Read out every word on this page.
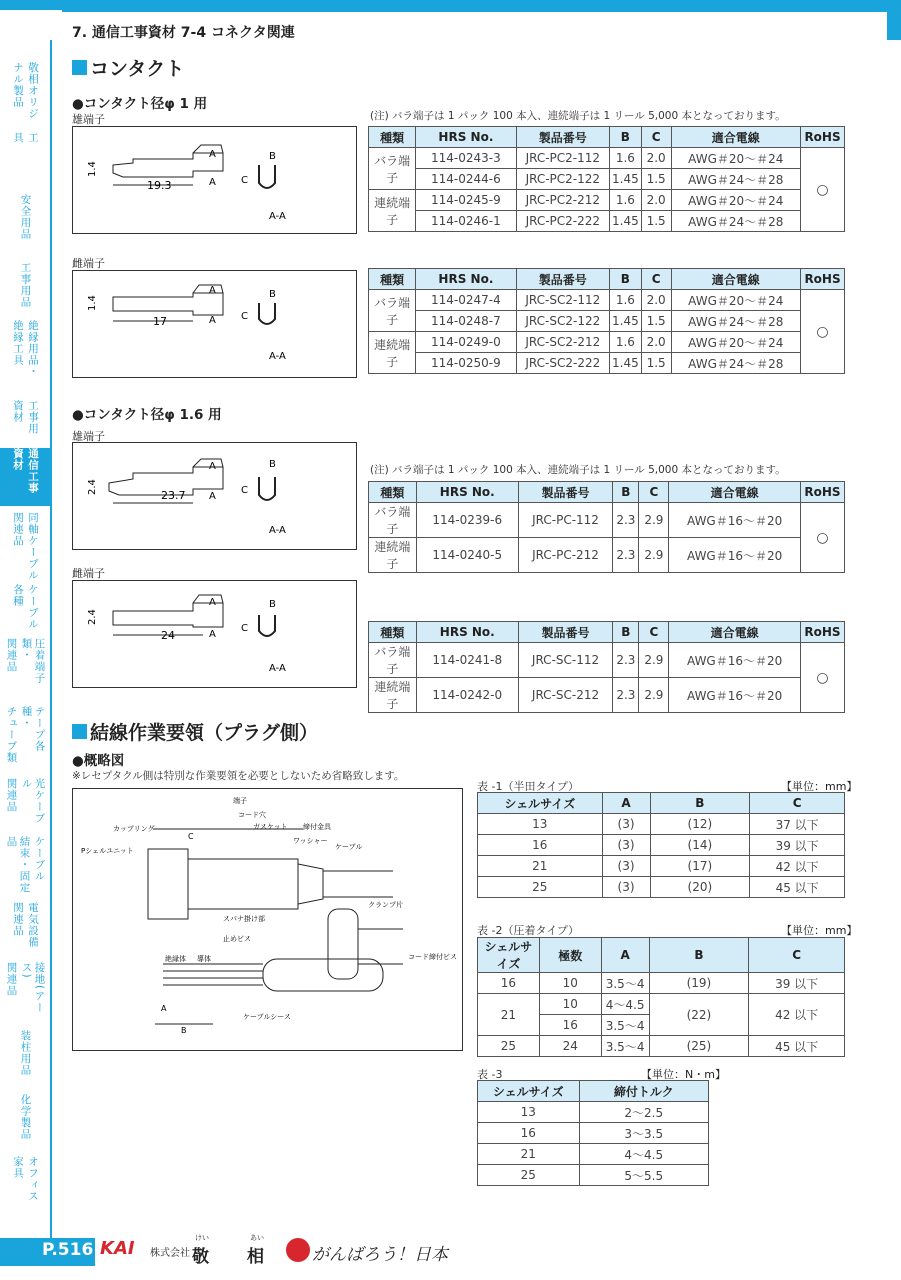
7. 通信工事資材 7-4 コネクタ関連
敬相オリジ
ナル製品
工
具
安全用品
工事用品
絶縁用品・
絶縁工具
工事用
資材
通信工事
資材
同軸ケーブル
関連品
ケーブル
各種
圧着端子類・
関連品
テープ各種・
チューブ類
光ケーブル
関連品
ケーブル
結束・固定品
電気設備
関連品
接地(アース)
関連品
装柱用品
化学製品
オフィス
家具
コンタクト
●コンタクト径φ 1 用
雄端子	(注) バラ端子は 1 パック 100 本入、連続端子は 1 リール 5,000 本となっております。
19.3
1.4
A
A
B
C
A-A
雌端子
17
1.4
A
A
B
C
A-A
種類	HRS No.	製品番号	B	C	適合電線	RoHS
バラ端子	114-0243-3	JRC-PC2-112	1.6	2.0	AWG＃20～＃24	○
	114-0244-6	JRC-PC2-122	1.45	1.5	AWG＃24～＃28	
連続端子	114-0245-9	JRC-PC2-212	1.6	2.0	AWG＃20～＃24	
	114-0246-1	JRC-PC2-222	1.45	1.5	AWG＃24～＃28	
種類	HRS No.	製品番号	B	C	適合電線	RoHS
バラ端子	114-0247-4	JRC-SC2-112	1.6	2.0	AWG＃20～＃24	○
	114-0248-7	JRC-SC2-122	1.45	1.5	AWG＃24～＃28	
連続端子	114-0249-0	JRC-SC2-212	1.6	2.0	AWG＃20～＃24	
	114-0250-9	JRC-SC2-222	1.45	1.5	AWG＃24～＃28	
●コンタクト径φ 1.6 用
雄端子
(注) バラ端子は 1 パック 100 本入、連続端子は 1 リール 5,000 本となっております。
23.7
2.4
A
A
B
C
A-A
雌端子
24
2.4
A
A
B
C
A-A
種類	HRS No.	製品番号	B	C	適合電線	RoHS
バラ端子	114-0239-6	JRC-PC-112	2.3	2.9	AWG＃16～＃20	○
連続端子	114-0240-5	JRC-PC-212	2.3	2.9	AWG＃16～＃20	
種類	HRS No.	製品番号	B	C	適合電線	RoHS
バラ端子	114-0241-8	JRC-SC-112	2.3	2.9	AWG＃16～＃20	○
連続端子	114-0242-0	JRC-SC-212	2.3	2.9	AWG＃16～＃20	
結線作業要領（プラグ側）
●概略図
※レセプタクル側は特別な作業要領を必要としないため省略致します。
端子
カップリング
コード穴
ガスケット 締付金具
ワッシャー
ケーブル
Pシェルユニット
スパナ掛け部
止めビス
クランプ片
コード締付ビス
絶縁体 導体
ケーブルシース
A
B
C
表 -1（半田タイプ）	【単位：mm】
シェルサイズ	A	B	C
13	(3)	(12)	37 以下
16	(3)	(14)	39 以下
21	(3)	(17)	42 以下
25	(3)	(20)	45 以下
表 -2（圧着タイプ）	【単位：mm】
シェルサイズ	極数	A	B	C
16	10	3.5～4	(19)	39 以下
21	10	4～4.5	(22)	42 以下
	16	3.5～4		
25	24	3.5～4	(25)	45 以下
表 -3	【単位：N・m】
シェルサイズ	締付トルク
13	2～2.5
16	3～3.5
21	4～4.5
25	5～5.5
P.516 KAI 株式会社
けい
敬
あい
相	がんばろう！日本
